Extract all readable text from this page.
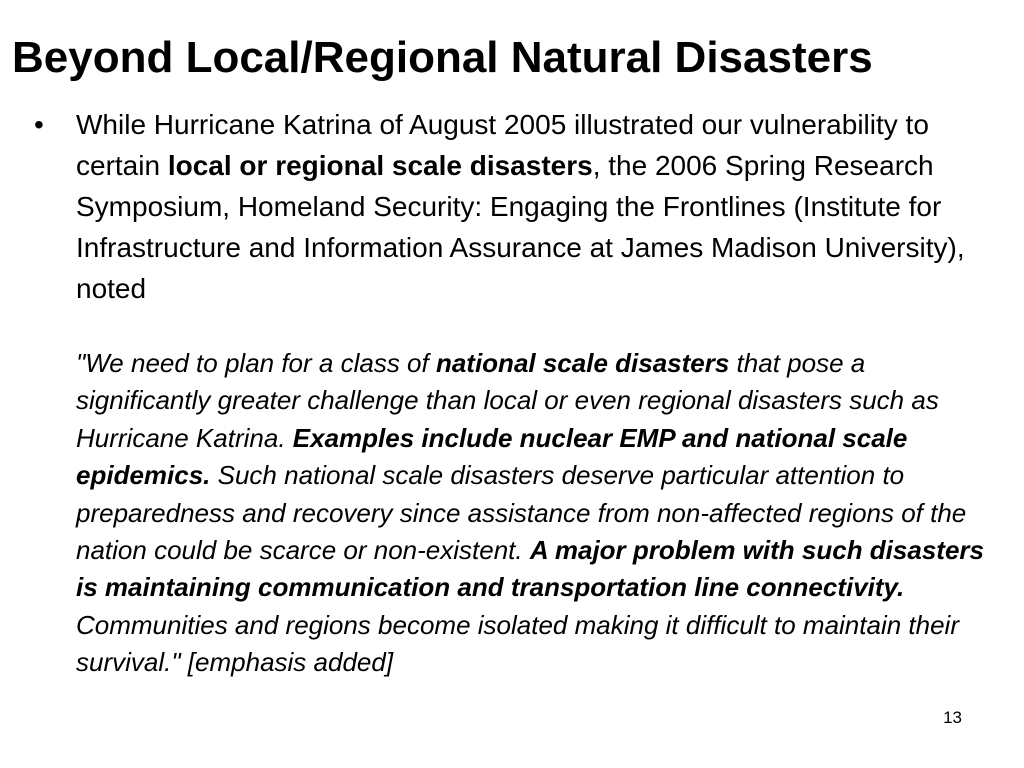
Beyond Local/Regional Natural Disasters
• While Hurricane Katrina of August 2005 illustrated our vulnerability to certain local or regional scale disasters, the 2006 Spring Research Symposium, Homeland Security: Engaging the Frontlines (Institute for Infrastructure and Information Assurance at James Madison University), noted

"We need to plan for a class of national scale disasters that pose a significantly greater challenge than local or even regional disasters such as Hurricane Katrina. Examples include nuclear EMP and national scale epidemics. Such national scale disasters deserve particular attention to preparedness and recovery since assistance from non-affected regions of the nation could be scarce or non-existent. A major problem with such disasters is maintaining communication and transportation line connectivity. Communities and regions become isolated making it difficult to maintain their survival." [emphasis added]

13
